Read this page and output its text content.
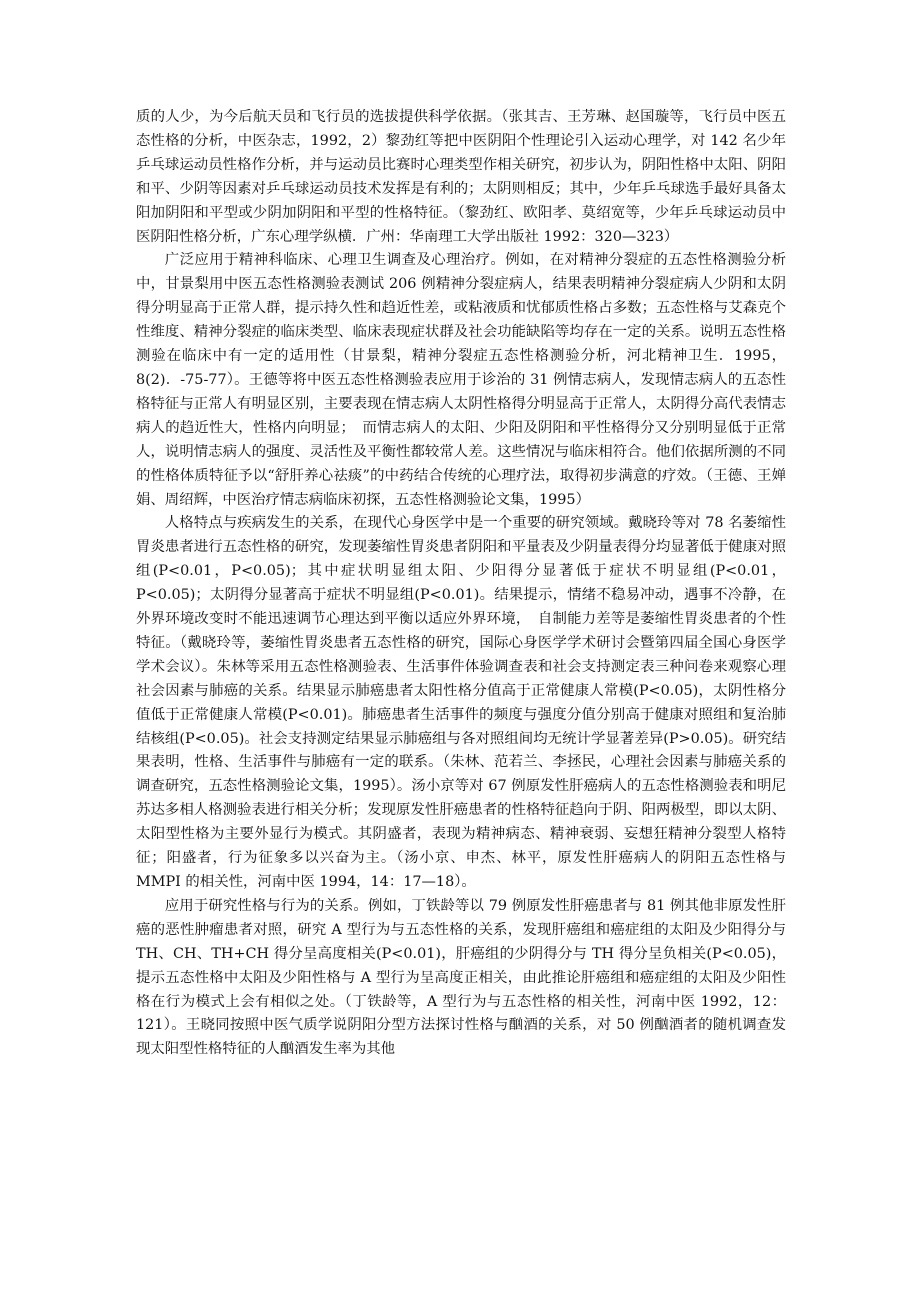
质的人少，为今后航天员和飞行员的选拔提供科学依据。（张其吉、王芳琳、赵国璇等，飞行员中医五态性格的分析，中医杂志，1992，2）黎劲红等把中医阴阳个性理论引入运动心理学，对 142 名少年乒乓球运动员性格作分析，并与运动员比赛时心理类型作相关研究，初步认为，阴阳性格中太阳、阴阳和平、少阴等因素对乒乓球运动员技术发挥是有利的；太阴则相反；其中，少年乒乓球选手最好具备太阳加阴阳和平型或少阴加阴阳和平型的性格特征。（黎劲红、欧阳孝、莫绍宽等，少年乒乓球运动员中医阴阳性格分析，广东心理学纵横．广州：华南理工大学出版社 1992：320—323）

广泛应用于精神科临床、心理卫生调查及心理治疗。例如，在对精神分裂症的五态性格测验分析中，甘景梨用中医五态性格测验表测试 206 例精神分裂症病人，结果表明精神分裂症病人少阴和太阴得分明显高于正常人群，提示持久性和趋近性差，或粘液质和忧郁质性格占多数；五态性格与艾森克个性维度、精神分裂症的临床类型、临床表现症状群及社会功能缺陷等均存在一定的关系。说明五态性格测验在临床中有一定的适用性（甘景梨，精神分裂症五态性格测验分析，河北精神卫生．1995，8(2)．-75-77）。王德等将中医五态性格测验表应用于诊治的 31 例情志病人，发现情志病人的五态性格特征与正常人有明显区别，主要表现在情志病人太阴性格得分明显高于正常人，太阴得分高代表情志病人的趋近性大，性格内向明显；　而情志病人的太阳、少阳及阴阳和平性格得分又分别明显低于正常人，说明情志病人的强度、灵活性及平衡性都较常人差。这些情况与临床相符合。他们依据所测的不同的性格体质特征予以“舒肝养心祛痰”的中药结合传统的心理疗法，取得初步满意的疗效。（王德、王婵娟、周绍辉，中医治疗情志病临床初探，五态性格测验论文集，1995）

人格特点与疾病发生的关系，在现代心身医学中是一个重要的研究领域。戴晓玲等对 78 名萎缩性胃炎患者进行五态性格的研究，发现萎缩性胃炎患者阴阳和平量表及少阴量表得分均显著低于健康对照组(P<0.01，P<0.05)；其中症状明显组太阳、少阳得分显著低于症状不明显组(P<0.01，P<0.05)；太阴得分显著高于症状不明显组(P<0.01)。结果提示，情绪不稳易冲动，遇事不冷静，在外界环境改变时不能迅速调节心理达到平衡以适应外界环境，　自制能力差等是萎缩性胃炎患者的个性特征。（戴晓玲等，萎缩性胃炎患者五态性格的研究，国际心身医学学术研讨会暨第四届全国心身医学学术会议）。朱林等采用五态性格测验表、生活事件体验调查表和社会支持测定表三种问卷来观察心理社会因素与肺癌的关系。结果显示肺癌患者太阳性格分值高于正常健康人常模(P<0.05)，太阴性格分值低于正常健康人常模(P<0.01)。肺癌患者生活事件的频度与强度分值分别高于健康对照组和复治肺结核组(P<0.05)。社会支持测定结果显示肺癌组与各对照组间均无统计学显著差异(P>0.05)。研究结果表明，性格、生活事件与肺癌有一定的联系。（朱林、范若兰、李拯民，心理社会因素与肺癌关系的调查研究，五态性格测验论文集，1995）。汤小京等对 67 例原发性肝癌病人的五态性格测验表和明尼苏达多相人格测验表进行相关分析；发现原发性肝癌患者的性格特征趋向于阴、阳两极型，即以太阴、太阳型性格为主要外显行为模式。其阴盛者，表现为精神病态、精神衰弱、妄想狂精神分裂型人格特征；阳盛者，行为征象多以兴奋为主。（汤小京、申杰、林平，原发性肝癌病人的阴阳五态性格与 MMPI 的相关性，河南中医 1994，14：17—18）。

应用于研究性格与行为的关系。例如，丁铁龄等以 79 例原发性肝癌患者与 81 例其他非原发性肝癌的恶性肿瘤患者对照，研究 A 型行为与五态性格的关系，发现肝癌组和癌症组的太阳及少阳得分与 TH、CH、TH+CH 得分呈高度相关(P<0.01)，肝癌组的少阴得分与 TH 得分呈负相关(P<0.05)，提示五态性格中太阳及少阳性格与 A 型行为呈高度正相关，由此推论肝癌组和癌症组的太阳及少阳性格在行为模式上会有相似之处。（丁铁龄等，A 型行为与五态性格的相关性，河南中医 1992，12：121）。王晓同按照中医气质学说阴阳分型方法探讨性格与酗酒的关系，对 50 例酗酒者的随机调查发现太阳型性格特征的人酗酒发生率为其他
